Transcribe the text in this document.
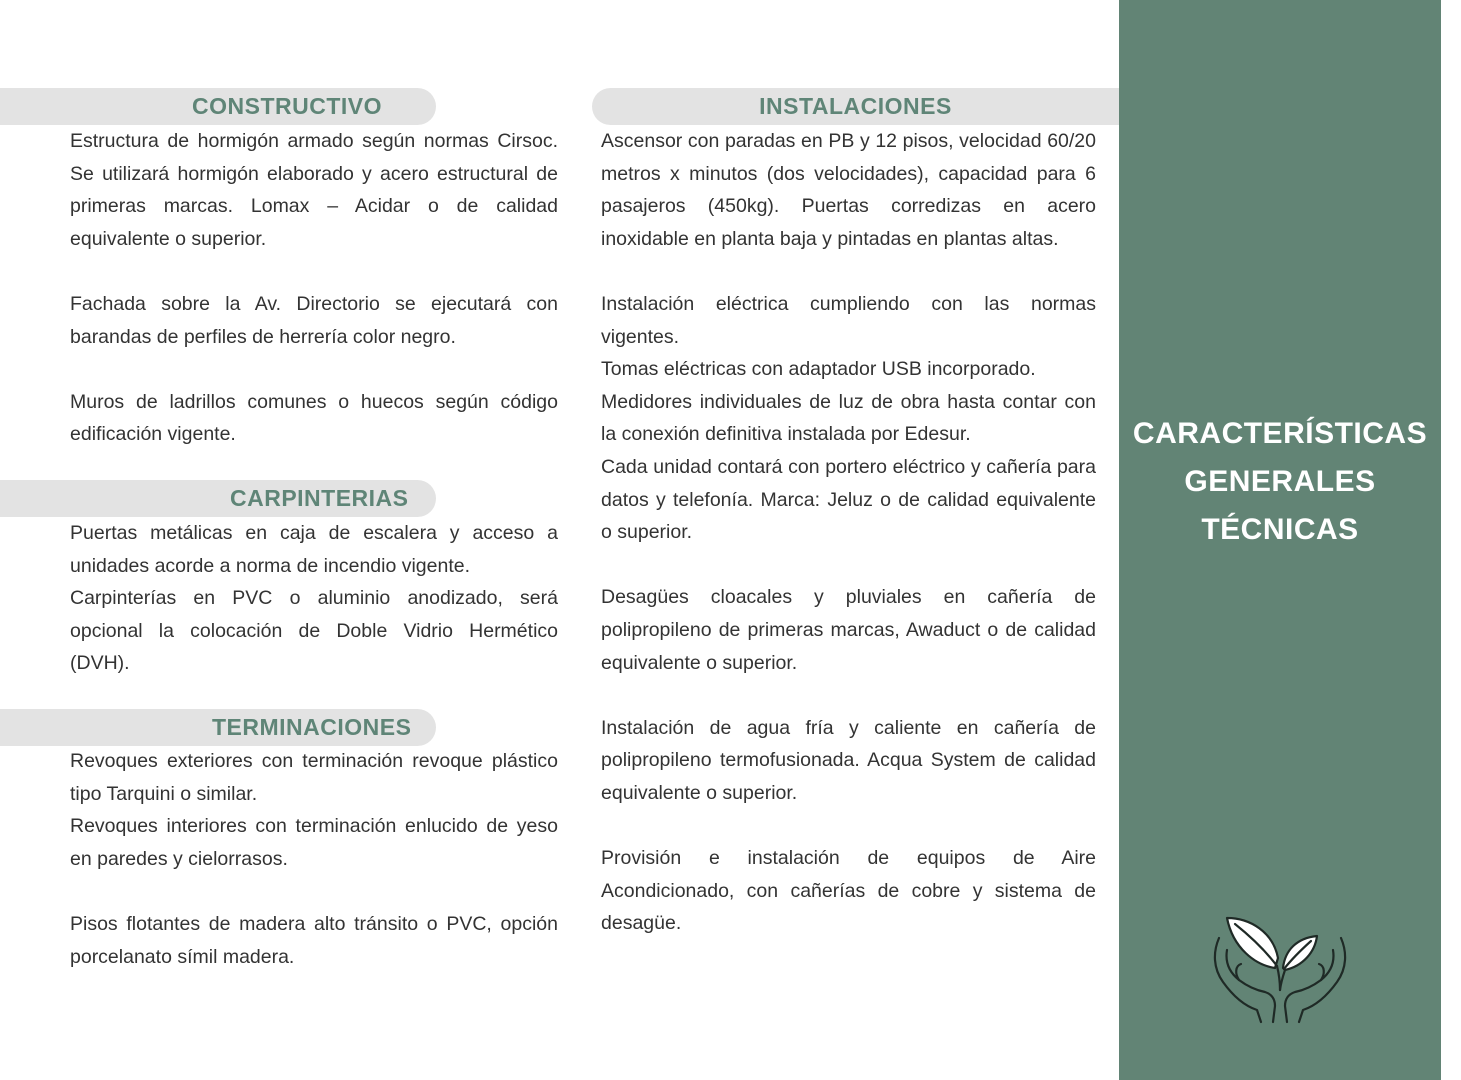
CONSTRUCTIVO

Estructura de hormigón armado según normas Cirsoc. Se utilizará hormigón elaborado y acero estructural de primeras marcas. Lomax – Acidar o de calidad equivalente o superior.

Fachada sobre la Av. Directorio se ejecutará con barandas de perfiles de herrería color negro.

Muros de ladrillos comunes o huecos según código edificación vigente.

CARPINTERIAS

Puertas metálicas en caja de escalera y acceso a unidades acorde a norma de incendio vigente.

Carpinterías en PVC o aluminio anodizado, será opcional la colocación de Doble Vidrio Hermético (DVH).

TERMINACIONES

Revoques exteriores con terminación revoque plástico tipo Tarquini o similar.

Revoques interiores con terminación enlucido de yeso en paredes y cielorrasos.

Pisos flotantes de madera alto tránsito o PVC, opción porcelanato símil madera.

INSTALACIONES

Ascensor con paradas en PB y 12 pisos, velocidad 60/20 metros x minutos (dos velocidades), capacidad para 6 pasajeros (450kg). Puertas corredizas en acero inoxidable en planta baja y pintadas en plantas altas.

Instalación eléctrica cumpliendo con las normas vigentes.

Tomas eléctricas con adaptador USB incorporado.

Medidores individuales de luz de obra hasta contar con la conexión definitiva instalada por Edesur.

Cada unidad contará con portero eléctrico y cañería para datos y telefonía. Marca: Jeluz o de calidad equivalente o superior.

Desagües cloacales y pluviales en cañería de polipropileno de primeras marcas, Awaduct o de calidad equivalente o superior.

Instalación de agua fría y caliente en cañería de polipropileno termofusionada. Acqua System de calidad equivalente o superior.

Provisión e instalación de equipos de Aire Acondicionado, con cañerías de cobre y sistema de desagüe.

CARACTERÍSTICAS
GENERALES
TÉCNICAS
